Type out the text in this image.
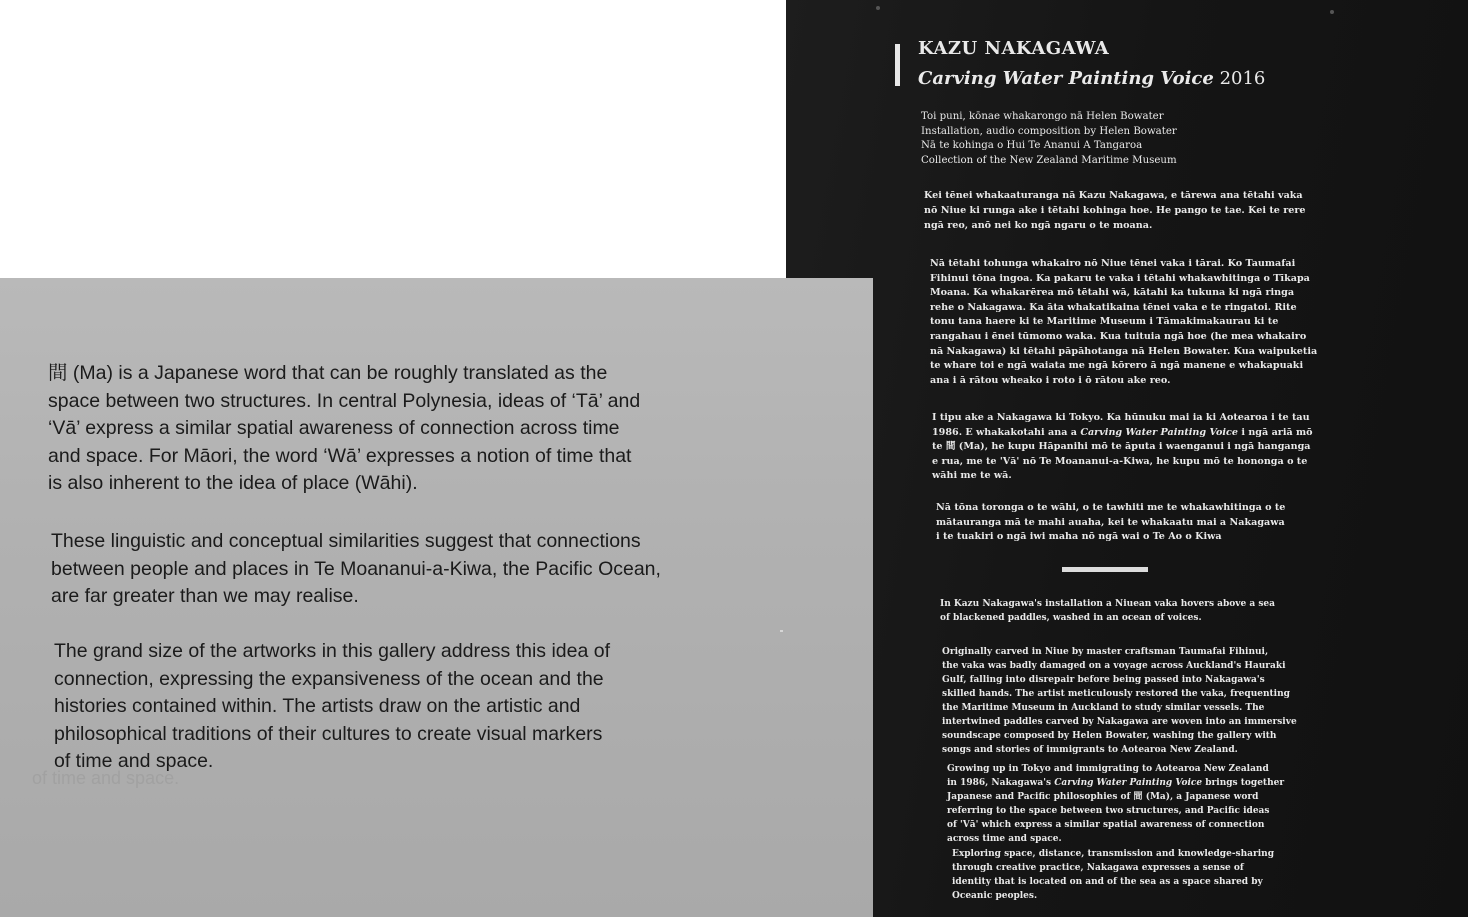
KAZU NAKAGAWA
Carving Water Painting Voice 2016
Toi puni, kōnae whakarongo nā Helen Bowater
Installation, audio composition by Helen Bowater
Nā te kohinga o Hui Te Ananui A Tangaroa
Collection of the New Zealand Maritime Museum
Kei tēnei whakaaturanga nā Kazu Nakagawa, e tārewa ana tētahi vaka
nō Niue ki runga ake i tētahi kohinga hoe. He pango te tae. Kei te rere
ngā reo, anō nei ko ngā ngaru o te moana.
Nā tētahi tohunga whakairo nō Niue tēnei vaka i tārai. Ko Taumafai
Fihinui tōna ingoa. Ka pakaru te vaka i tētahi whakawhitinga o Tīkapa
Moana. Ka whakarērea mō tētahi wā, kātahi ka tukuna ki ngā ringa
rehe o Nakagawa. Ka āta whakatikaina tēnei vaka e te ringatoi. Rite
tonu tana haere ki te Maritime Museum i Tāmakimakaurau ki te
rangahau i ēnei tūmomo waka. Kua tuituia ngā hoe (he mea whakairo
nā Nakagawa) ki tētahi pāpāhotanga nā Helen Bowater. Kua waipuketia
te whare toi e ngā waiata me ngā kōrero ā ngā manene e whakapuaki
ana i ā rātou wheako i roto i ō rātou ake reo.
I tipu ake a Nakagawa ki Tokyo. Ka hūnuku mai ia ki Aotearoa i te tau
1986. E whakakotahi ana a Carving Water Painting Voice i ngā ariā mō
te 間 (Ma), he kupu Hāpanihi mō te āputa i waenganui i ngā hanganga
e rua, me te 'Vā' nō Te Moananui-a-Kiwa, he kupu mō te hononga o te
wāhi me te wā.
Nā tōna toronga o te wāhi, o te tawhiti me te whakawhitinga o te
mātauranga mā te mahi auaha, kei te whakaatu mai a Nakagawa
i te tuakiri o ngā iwi maha nō ngā wai o Te Ao o Kiwa
In Kazu Nakagawa's installation a Niuean vaka hovers above a sea
of blackened paddles, washed in an ocean of voices.
Originally carved in Niue by master craftsman Taumafai Fihinui,
the vaka was badly damaged on a voyage across Auckland's Hauraki
Gulf, falling into disrepair before being passed into Nakagawa's
skilled hands. The artist meticulously restored the vaka, frequenting
the Maritime Museum in Auckland to study similar vessels. The
intertwined paddles carved by Nakagawa are woven into an immersive
soundscape composed by Helen Bowater, washing the gallery with
songs and stories of immigrants to Aotearoa New Zealand.
Growing up in Tokyo and immigrating to Aotearoa New Zealand
in 1986, Nakagawa's Carving Water Painting Voice brings together
Japanese and Pacific philosophies of 間 (Ma), a Japanese word
referring to the space between two structures, and Pacific ideas
of 'Vā' which express a similar spatial awareness of connection
across time and space.
Exploring space, distance, transmission and knowledge-sharing
through creative practice, Nakagawa expresses a sense of
identity that is located on and of the sea as a space shared by
Oceanic peoples.
間 (Ma) is a Japanese word that can be roughly translated as the
space between two structures. In central Polynesia, ideas of ‘Tā’ and
‘Vā’ express a similar spatial awareness of connection across time
and space. For Māori, the word ‘Wā’ expresses a notion of time that
is also inherent to the idea of place (Wāhi).
These linguistic and conceptual similarities suggest that connections
between people and places in Te Moananui-a-Kiwa, the Pacific Ocean,
are far greater than we may realise.
The grand size of the artworks in this gallery address this idea of
connection, expressing the expansiveness of the ocean and the
histories contained within. The artists draw on the artistic and
philosophical traditions of their cultures to create visual markers
of time and space.
of time and space.
